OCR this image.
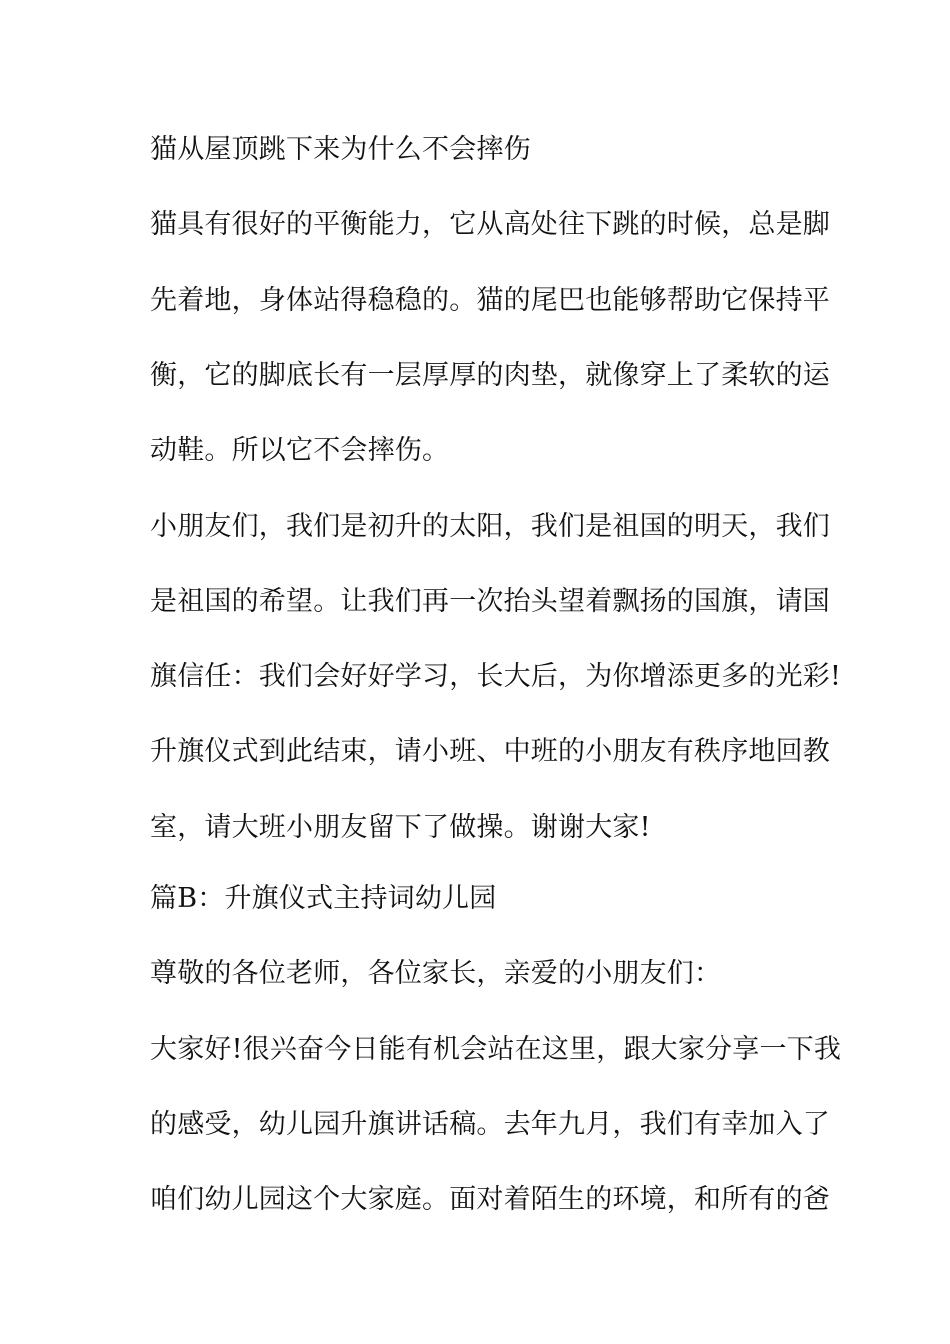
猫从屋顶跳下来为什么不会摔伤
猫具有很好的平衡能力，它从高处往下跳的时候，总是脚
先着地，身体站得稳稳的。猫的尾巴也能够帮助它保持平
衡，它的脚底长有一层厚厚的肉垫，就像穿上了柔软的运
动鞋。所以它不会摔伤。
小朋友们，我们是初升的太阳，我们是祖国的明天，我们
是祖国的希望。让我们再一次抬头望着飘扬的国旗，请国
旗信任：我们会好好学习，长大后，为你增添更多的光彩!
升旗仪式到此结束，请小班、中班的小朋友有秩序地回教
室，请大班小朋友留下了做操。谢谢大家!
篇B：升旗仪式主持词幼儿园
尊敬的各位老师，各位家长，亲爱的小朋友们：
大家好!很兴奋今日能有机会站在这里，跟大家分享一下我
的感受，幼儿园升旗讲话稿。去年九月，我们有幸加入了
咱们幼儿园这个大家庭。面对着陌生的环境，和所有的爸
